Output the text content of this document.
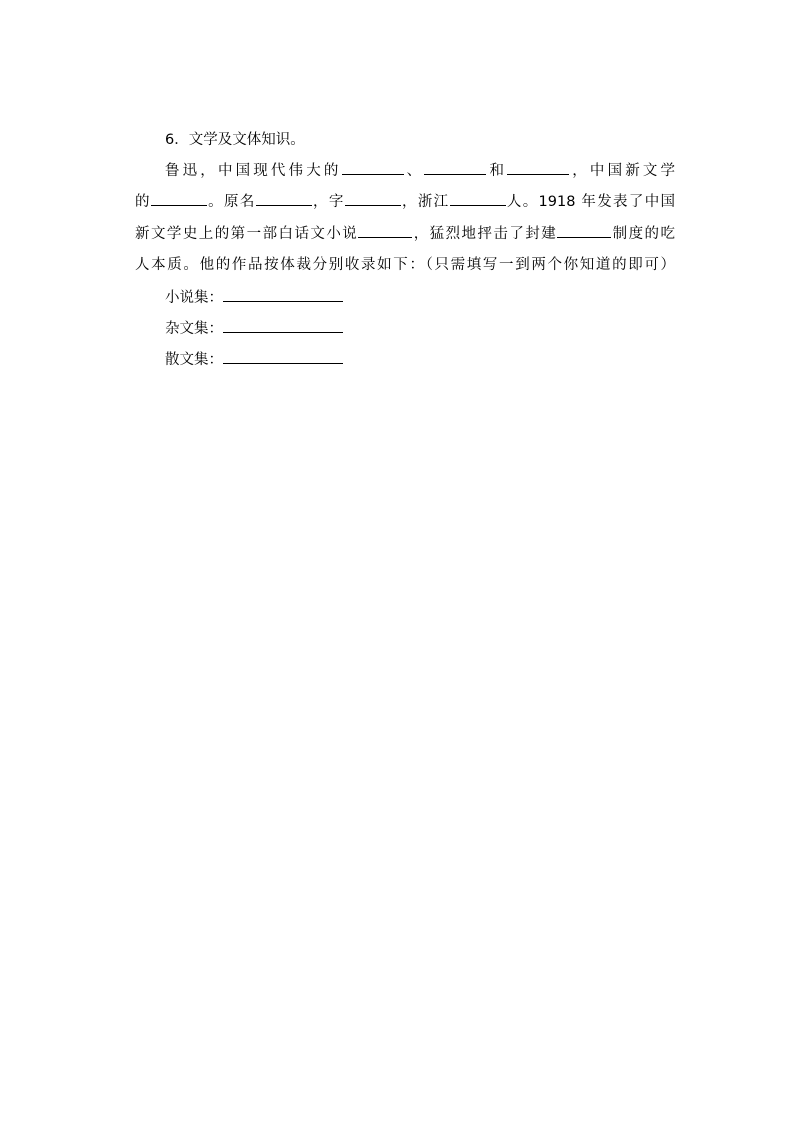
6．文学及文体知识。
鲁迅，中国现代伟大的	、	和	，中国新文学
的	。原名	，字	，浙江	人。1918 年发表了中国
新文学史上的第一部白话文小说	，猛烈地抨击了封建	制度的吃
人本质。他的作品按体裁分别收录如下：（只需填写一到两个你知道的即可）
小说集：
杂文集：
散文集：
